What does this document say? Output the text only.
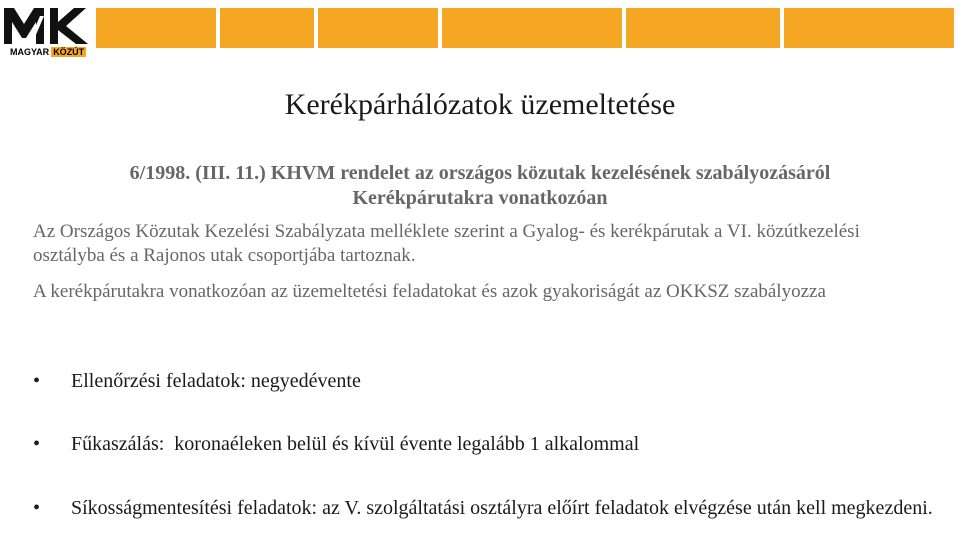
MAGYAR KÖZÚT
Kerékpárhálózatok üzemeltetése
6/1998. (III. 11.) KHVM rendelet az országos közutak kezelésének szabályozásáról
Kerékpárutakra vonatkozóan
Az Országos Közutak Kezelési Szabályzata melléklete szerint a Gyalog- és kerékpárutak a VI. közútkezelési osztályba és a Rajonos utak csoportjába tartoznak.
A kerékpárutakra vonatkozóan az üzemeltetési feladatokat és azok gyakoriságát az OKKSZ szabályozza
•	Ellenőrzési feladatok: negyedévente
•	Fűkaszálás:  koronaéleken belül és kívül évente legalább 1 alkalommal
•	Síkosságmentesítési feladatok: az V. szolgáltatási osztályra előírt feladatok elvégzése után kell megkezdeni.
